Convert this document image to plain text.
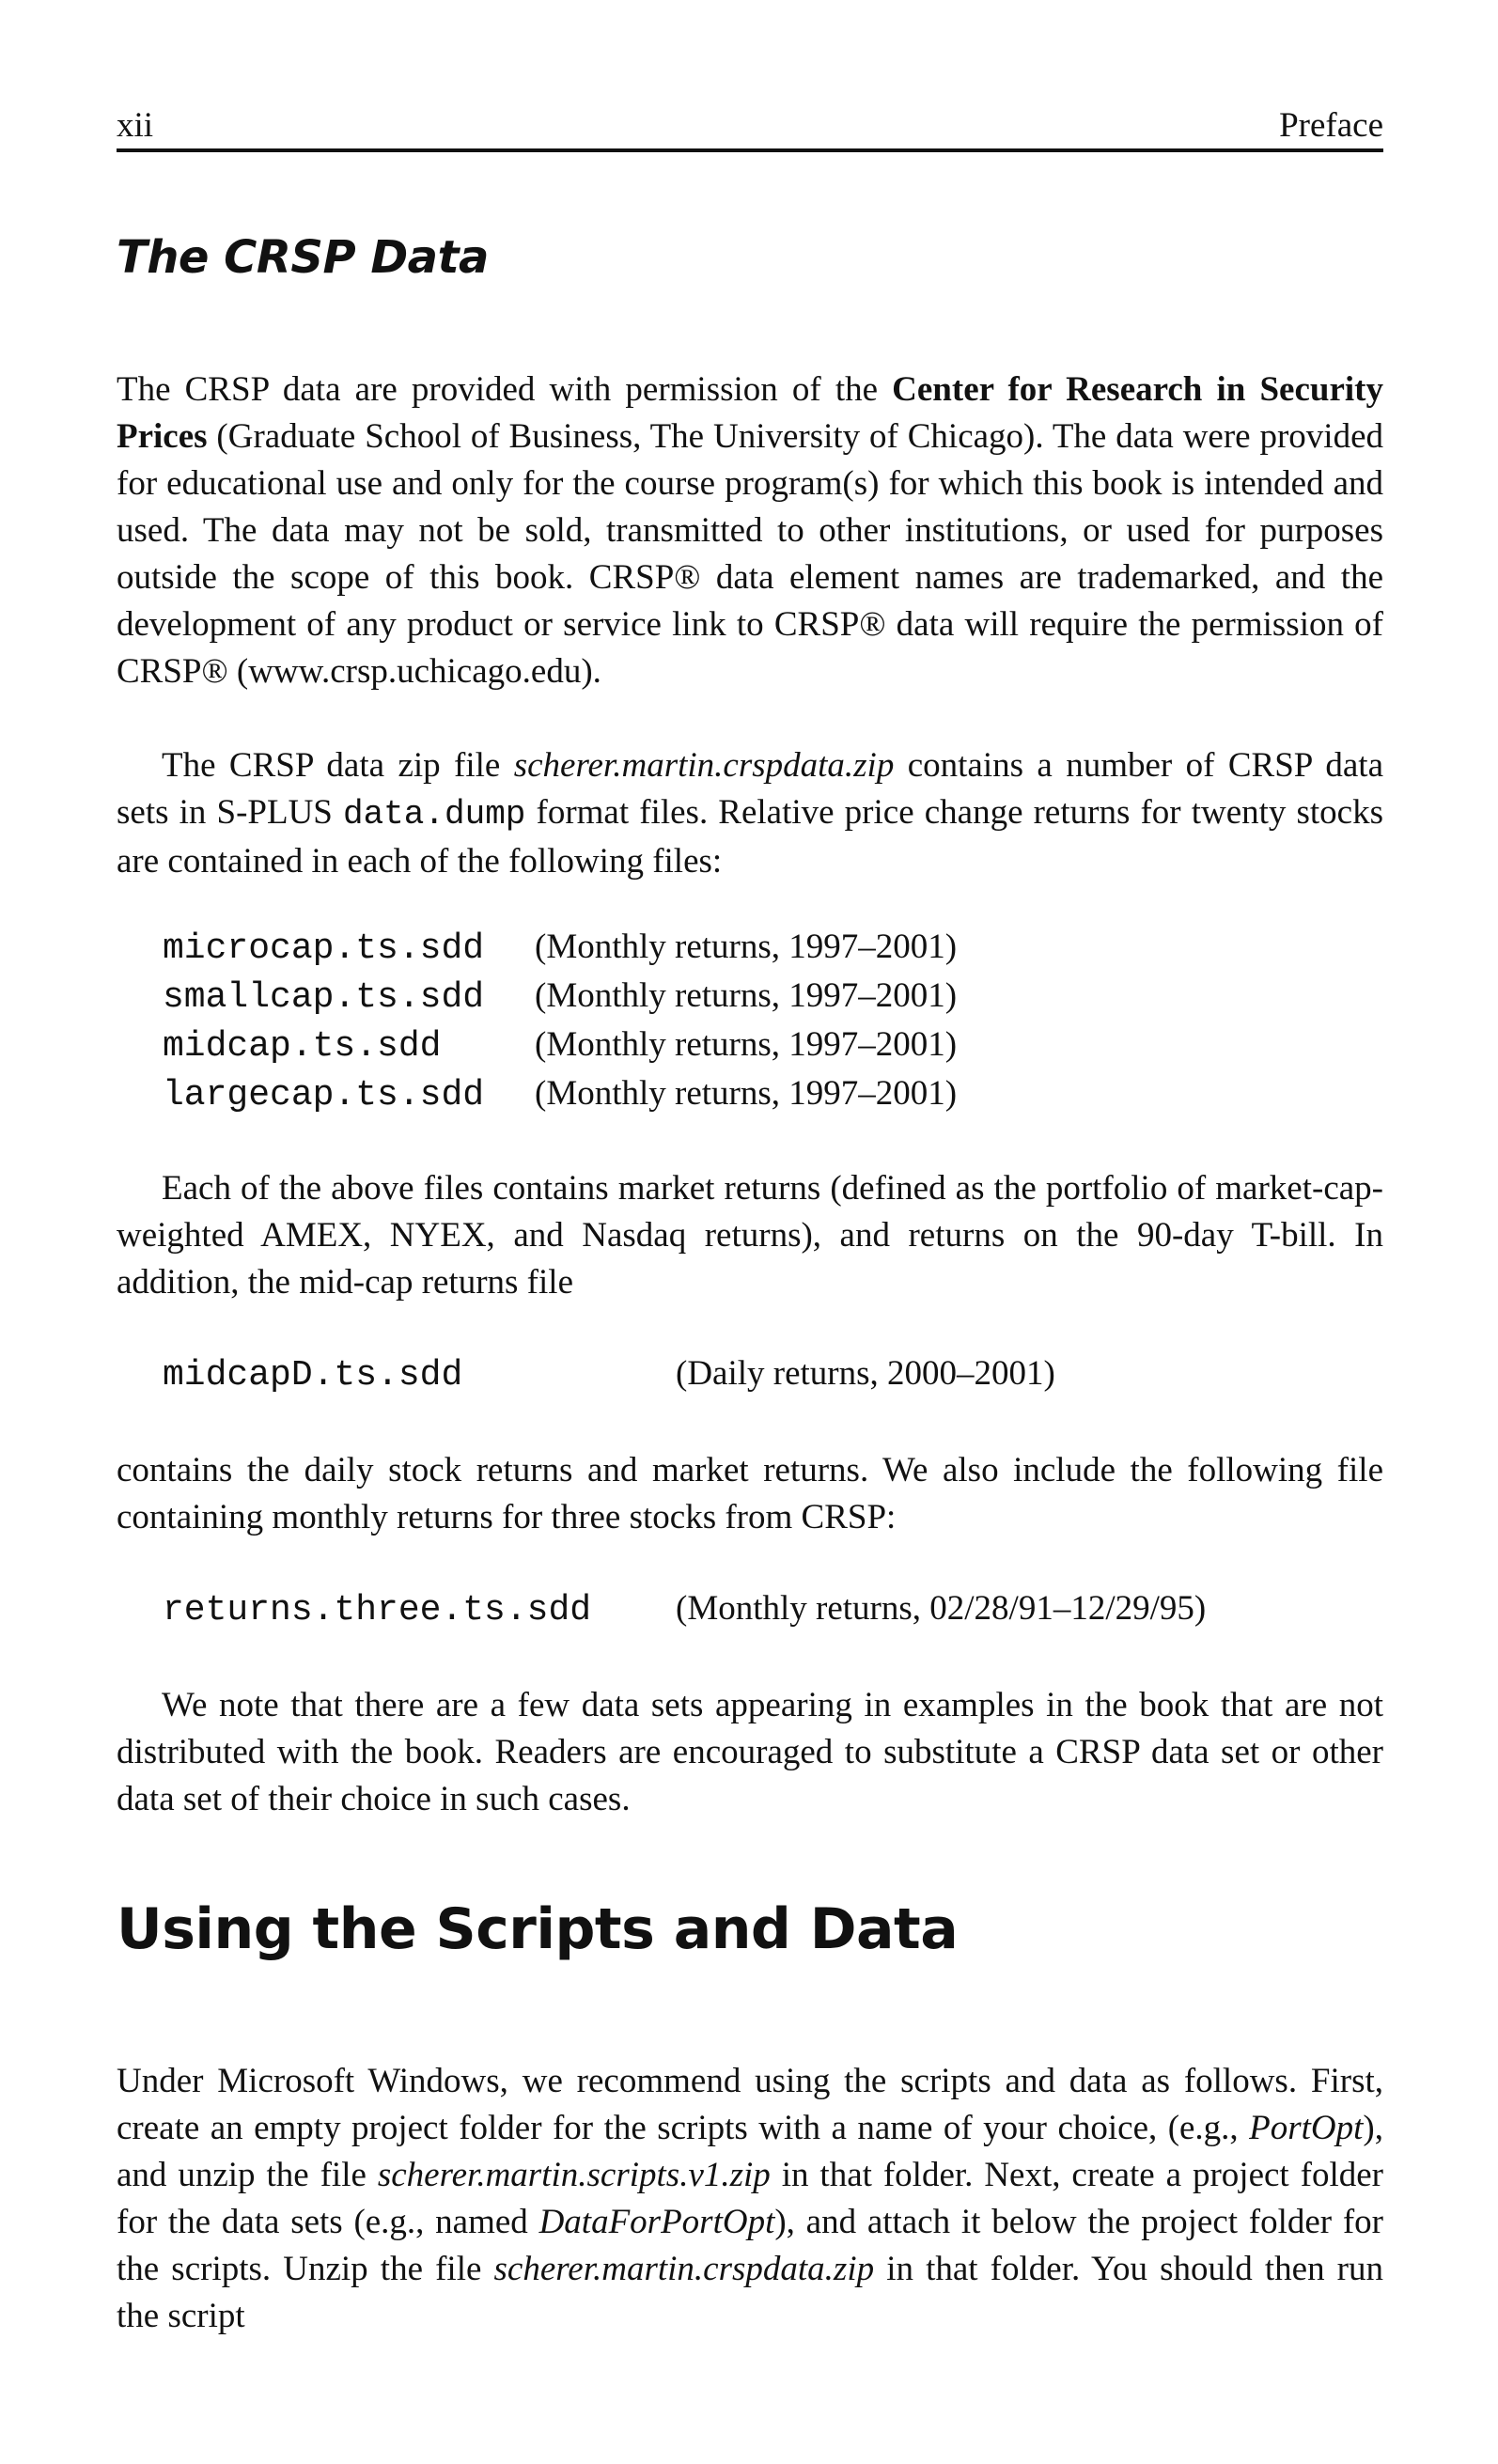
xii	Preface
The CRSP Data

The CRSP data are provided with permission of the Center for Research in Security Prices (Graduate School of Business, The University of Chicago). The data were provided for educational use and only for the course program(s) for which this book is intended and used. The data may not be sold, transmitted to other institutions, or used for purposes outside the scope of this book. CRSP® data element names are trademarked, and the development of any product or service link to CRSP® data will require the permission of CRSP® (www.crsp.uchicago.edu).

The CRSP data zip file scherer.martin.crspdata.zip contains a number of CRSP data sets in S-PLUS data.dump format files. Relative price change returns for twenty stocks are contained in each of the following files:

microcap.ts.sdd (Monthly returns, 1997–2001)
smallcap.ts.sdd (Monthly returns, 1997–2001)
midcap.ts.sdd	(Monthly returns, 1997–2001)
largecap.ts.sdd (Monthly returns, 1997–2001)

Each of the above files contains market returns (defined as the portfolio of market-cap-weighted AMEX, NYEX, and Nasdaq returns), and returns on the 90-day T-bill. In addition, the mid-cap returns file

midcapD.ts.sdd	(Daily returns, 2000–2001)

contains the daily stock returns and market returns. We also include the following file containing monthly returns for three stocks from CRSP:

returns.three.ts.sdd (Monthly returns, 02/28/91–12/29/95)

We note that there are a few data sets appearing in examples in the book that are not distributed with the book. Readers are encouraged to substitute a CRSP data set or other data set of their choice in such cases.

Using the Scripts and Data

Under Microsoft Windows, we recommend using the scripts and data as follows. First, create an empty project folder for the scripts with a name of your choice, (e.g., PortOpt), and unzip the file scherer.martin.scripts.v1.zip in that folder. Next, create a project folder for the data sets (e.g., named DataForPortOpt), and attach it below the project folder for the scripts. Unzip the file scherer.martin.crspdata.zip in that folder. You should then run the script
